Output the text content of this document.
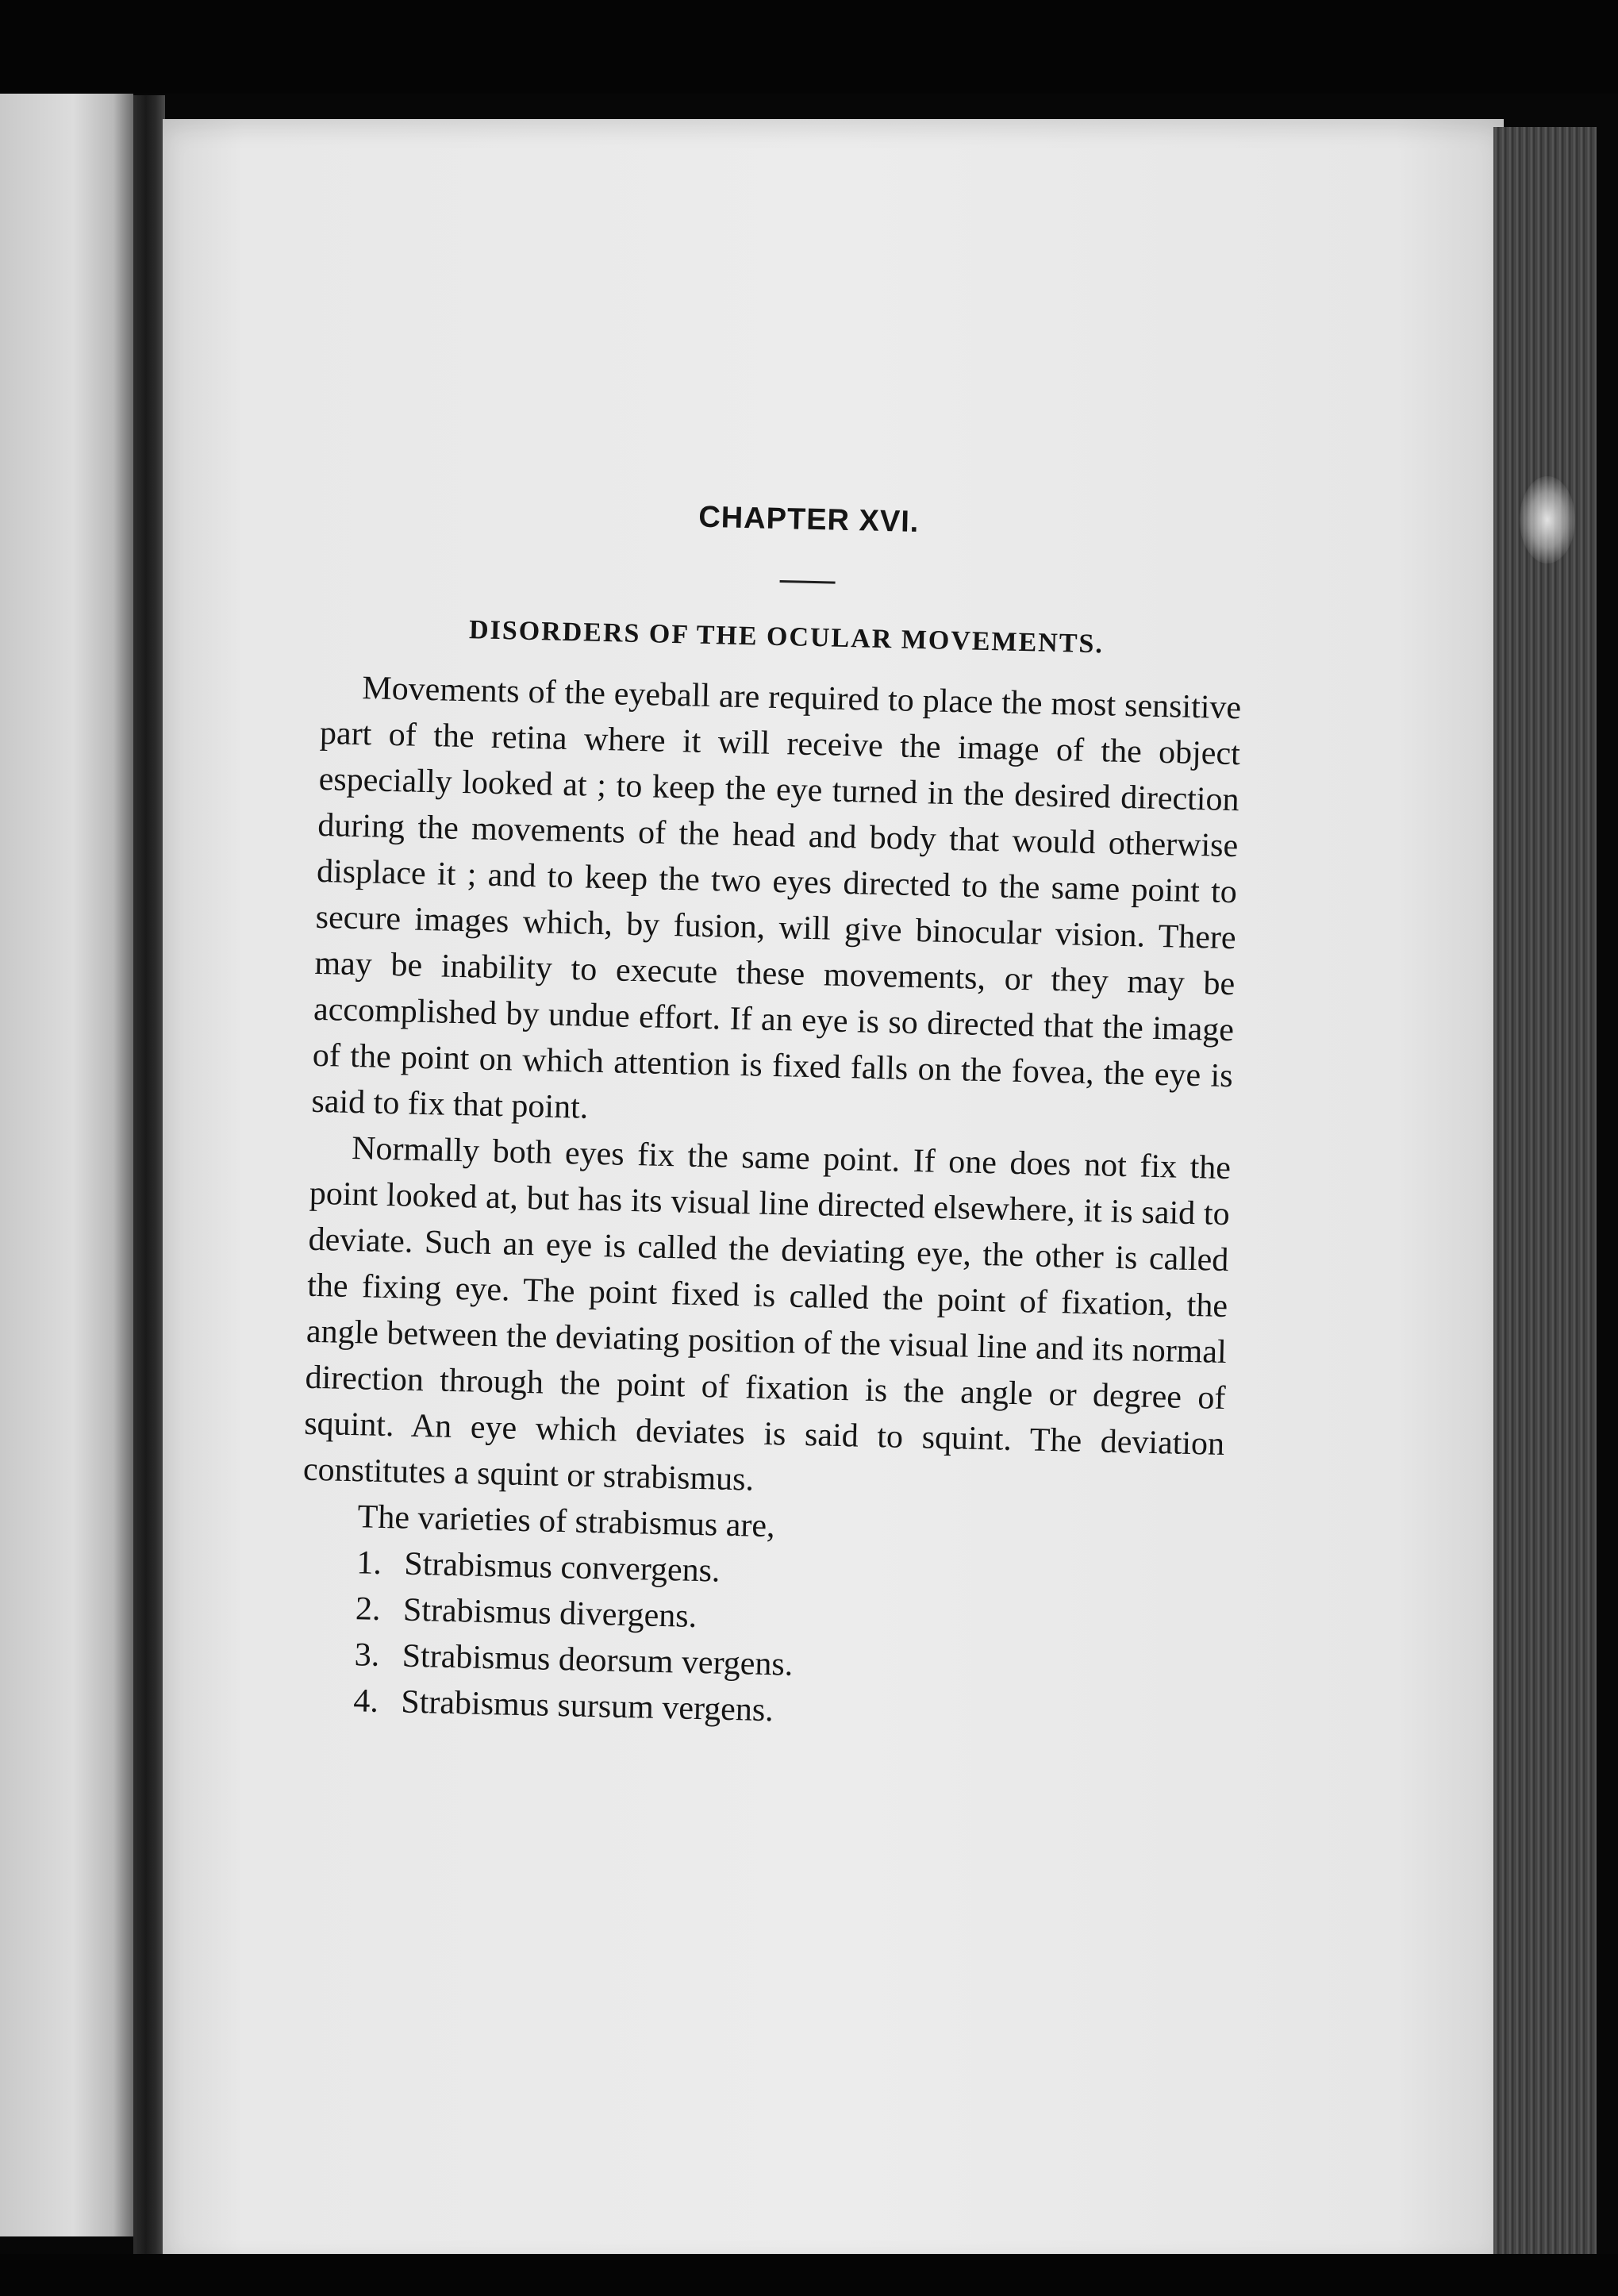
CHAPTER XVI.
DISORDERS OF THE OCULAR MOVEMENTS.

Movements of the eyeball are required to place the most sensitive part of the retina where it will receive the image of the object especially looked at ; to keep the eye turned in the desired direction during the movements of the head and body that would otherwise displace it ; and to keep the two eyes directed to the same point to secure images which, by fusion, will give binocular vision. There may be inability to execute these movements, or they may be accomplished by undue effort. If an eye is so directed that the image of the point on which attention is fixed falls on the fovea, the eye is said to fix that point.

Normally both eyes fix the same point. If one does not fix the point looked at, but has its visual line directed elsewhere, it is said to deviate. Such an eye is called the deviating eye, the other is called the fixing eye. The point fixed is called the point of fixation, the angle between the deviating position of the visual line and its normal direction through the point of fixation is the angle or degree of squint. An eye which deviates is said to squint. The deviation constitutes a squint or strabismus.

The varieties of strabismus are,

1. Strabismus convergens.
2. Strabismus divergens.
3. Strabismus deorsum vergens.
4. Strabismus sursum vergens.
